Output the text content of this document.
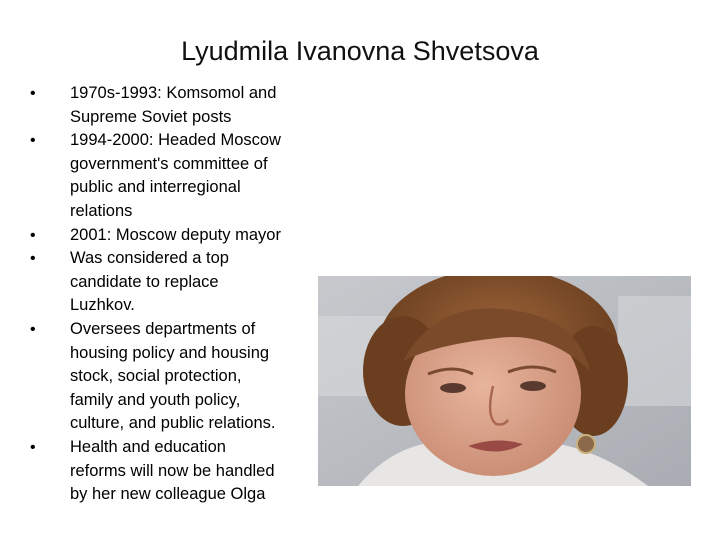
Lyudmila Ivanovna Shvetsova
• 1970s-1993: Komsomol and
Supreme Soviet posts
• 1994-2000: Headed Moscow
government's committee of
public and interregional
relations
• 2001: Moscow deputy mayor
• Was considered a top
candidate to replace
Luzhkov.
• Oversees departments of
housing policy and housing
stock, social protection,
family and youth policy,
culture, and public relations.
• Health and education
reforms will now be handled
by her new colleague Olga
